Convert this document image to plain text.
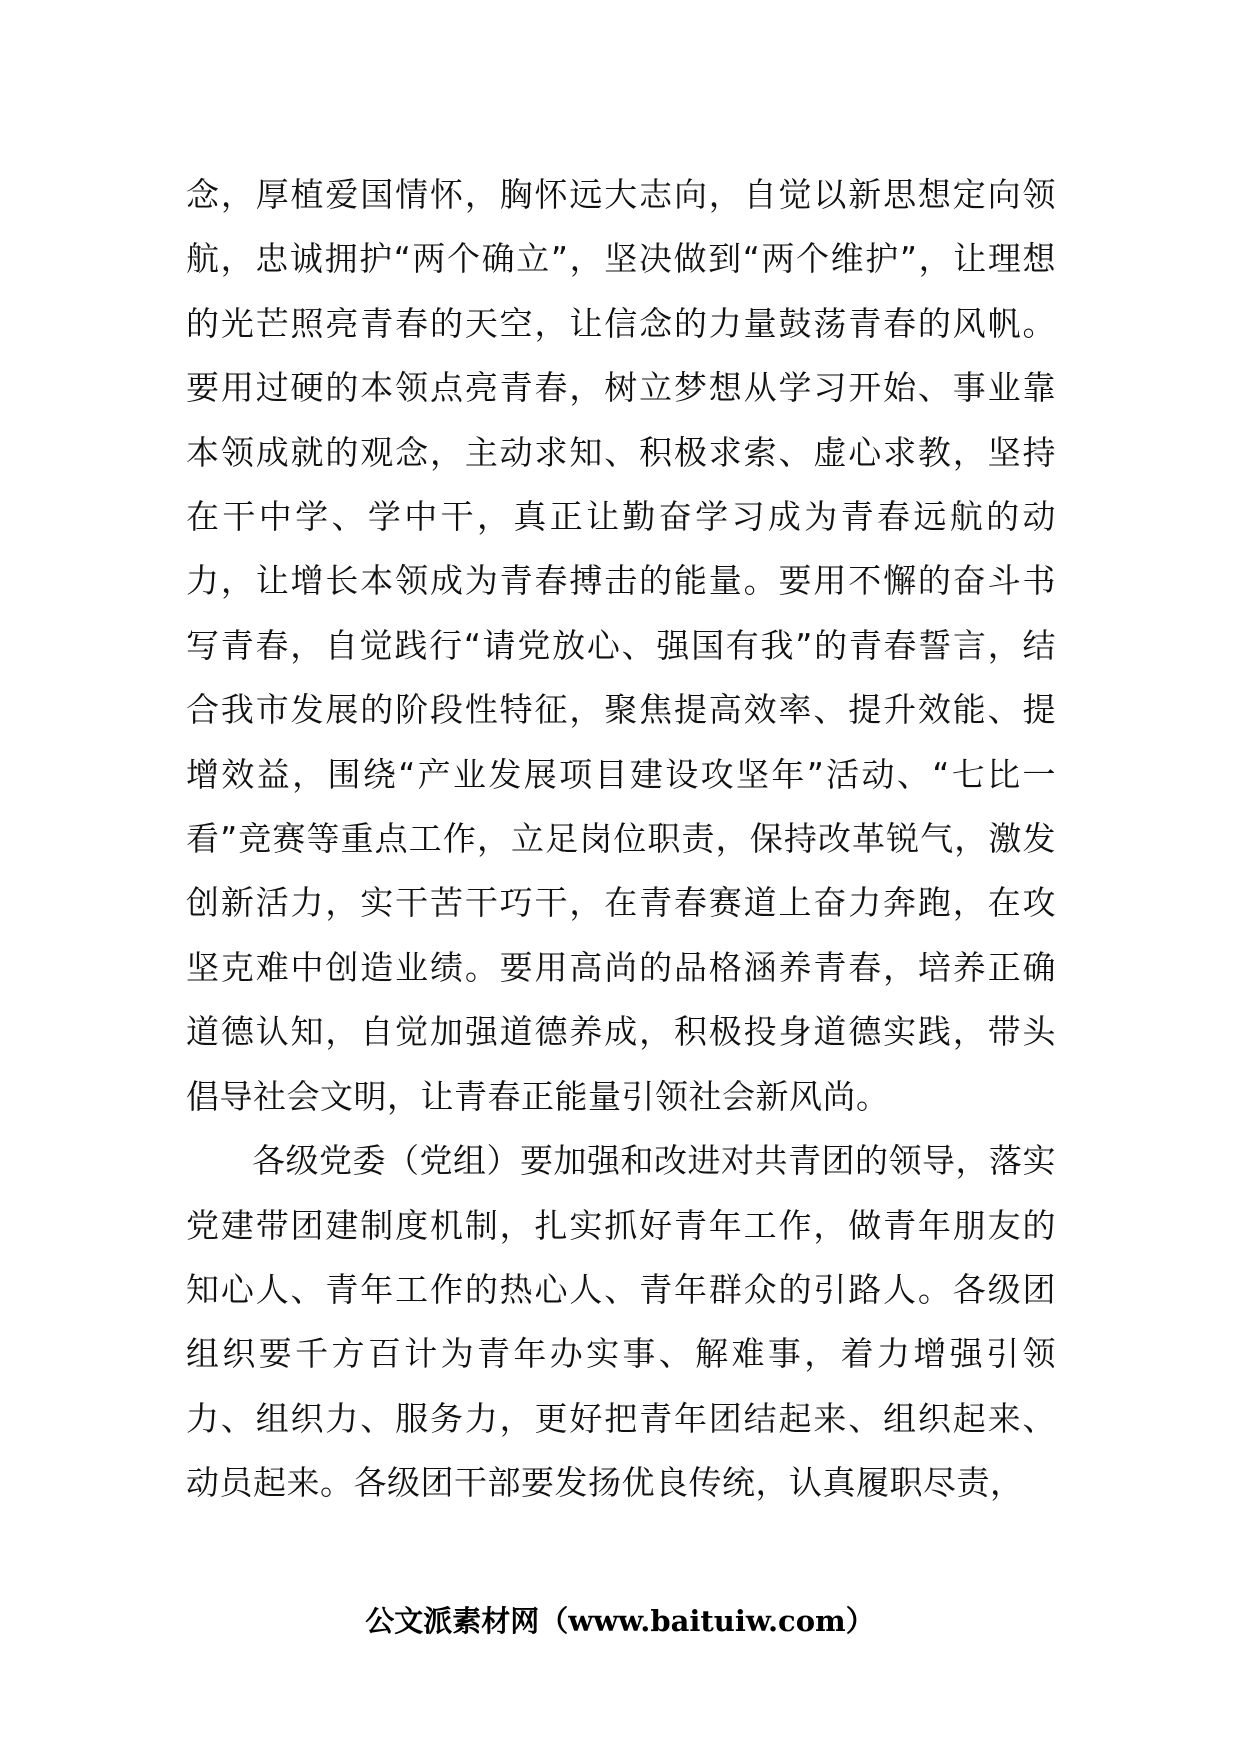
念，厚植爱国情怀，胸怀远大志向，自觉以新思想定向领航，忠诚拥护“两个确立”，坚决做到“两个维护”，让理想的光芒照亮青春的天空，让信念的力量鼓荡青春的风帆。要用过硬的本领点亮青春，树立梦想从学习开始、事业靠本领成就的观念，主动求知、积极求索、虚心求教，坚持在干中学、学中干，真正让勤奋学习成为青春远航的动力，让增长本领成为青春搏击的能量。要用不懈的奋斗书写青春，自觉践行“请党放心、强国有我”的青春誓言，结合我市发展的阶段性特征，聚焦提高效率、提升效能、提增效益，围绕“产业发展项目建设攻坚年”活动、“七比一看”竞赛等重点工作，立足岗位职责，保持改革锐气，激发创新活力，实干苦干巧干，在青春赛道上奋力奔跑，在攻坚克难中创造业绩。要用高尚的品格涵养青春，培养正确道德认知，自觉加强道德养成，积极投身道德实践，带头倡导社会文明，让青春正能量引领社会新风尚。

各级党委（党组）要加强和改进对共青团的领导，落实党建带团建制度机制，扎实抓好青年工作，做青年朋友的知心人、青年工作的热心人、青年群众的引路人。各级团组织要千方百计为青年办实事、解难事，着力增强引领力、组织力、服务力，更好把青年团结起来、组织起来、动员起来。各级团干部要发扬优良传统，认真履职尽责，

公文派素材网（www.baituiw.com）
